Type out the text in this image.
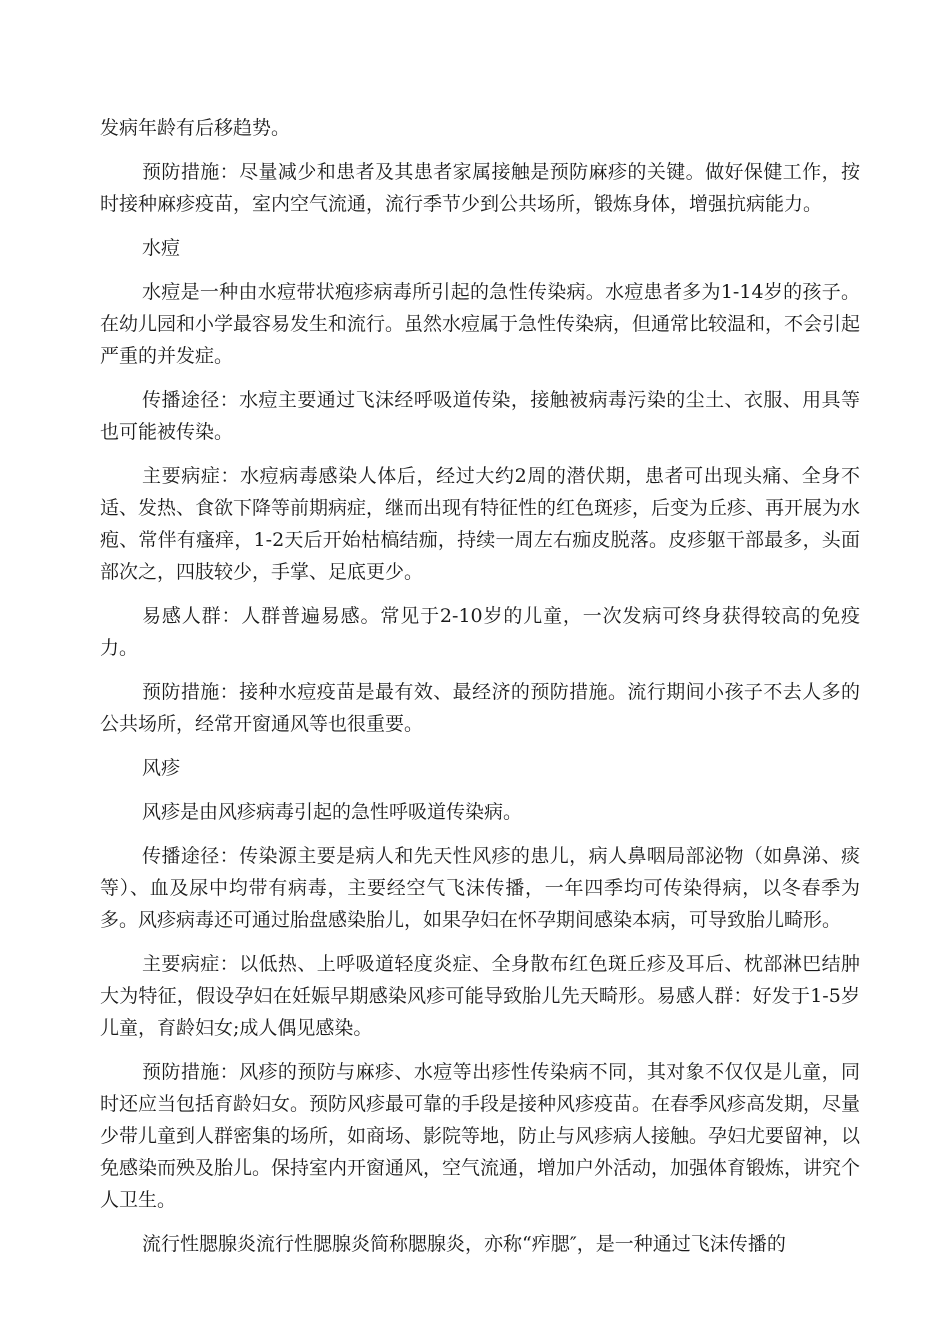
发病年龄有后移趋势。

预防措施：尽量减少和患者及其患者家属接触是预防麻疹的关键。做好保健工作，按时接种麻疹疫苗，室内空气流通，流行季节少到公共场所，锻炼身体，增强抗病能力。

水痘

水痘是一种由水痘带状疱疹病毒所引起的急性传染病。水痘患者多为1-14岁的孩子。在幼儿园和小学最容易发生和流行。虽然水痘属于急性传染病，但通常比较温和，不会引起严重的并发症。

传播途径：水痘主要通过飞沫经呼吸道传染，接触被病毒污染的尘土、衣服、用具等也可能被传染。

主要病症：水痘病毒感染人体后，经过大约2周的潜伏期，患者可出现头痛、全身不适、发热、食欲下降等前期病症，继而出现有特征性的红色斑疹，后变为丘疹、再开展为水疱、常伴有瘙痒，1-2天后开始枯槁结痂，持续一周左右痂皮脱落。皮疹躯干部最多，头面部次之，四肢较少，手掌、足底更少。

易感人群：人群普遍易感。常见于2-10岁的儿童，一次发病可终身获得较高的免疫力。

预防措施：接种水痘疫苗是最有效、最经济的预防措施。流行期间小孩子不去人多的公共场所，经常开窗通风等也很重要。

风疹

风疹是由风疹病毒引起的急性呼吸道传染病。

传播途径：传染源主要是病人和先天性风疹的患儿，病人鼻咽局部泌物（如鼻涕、痰等）、血及尿中均带有病毒，主要经空气飞沫传播，一年四季均可传染得病，以冬春季为多。风疹病毒还可通过胎盘感染胎儿，如果孕妇在怀孕期间感染本病，可导致胎儿畸形。

主要病症：以低热、上呼吸道轻度炎症、全身散布红色斑丘疹及耳后、枕部淋巴结肿大为特征，假设孕妇在妊娠早期感染风疹可能导致胎儿先天畸形。易感人群：好发于1-5岁儿童，育龄妇女;成人偶见感染。

预防措施：风疹的预防与麻疹、水痘等出疹性传染病不同，其对象不仅仅是儿童，同时还应当包括育龄妇女。预防风疹最可靠的手段是接种风疹疫苗。在春季风疹高发期，尽量少带儿童到人群密集的场所，如商场、影院等地，防止与风疹病人接触。孕妇尤要留神，以免感染而殃及胎儿。保持室内开窗通风，空气流通，增加户外活动，加强体育锻炼，讲究个人卫生。

流行性腮腺炎流行性腮腺炎简称腮腺炎，亦称“痄腮″，是一种通过飞沫传播的
